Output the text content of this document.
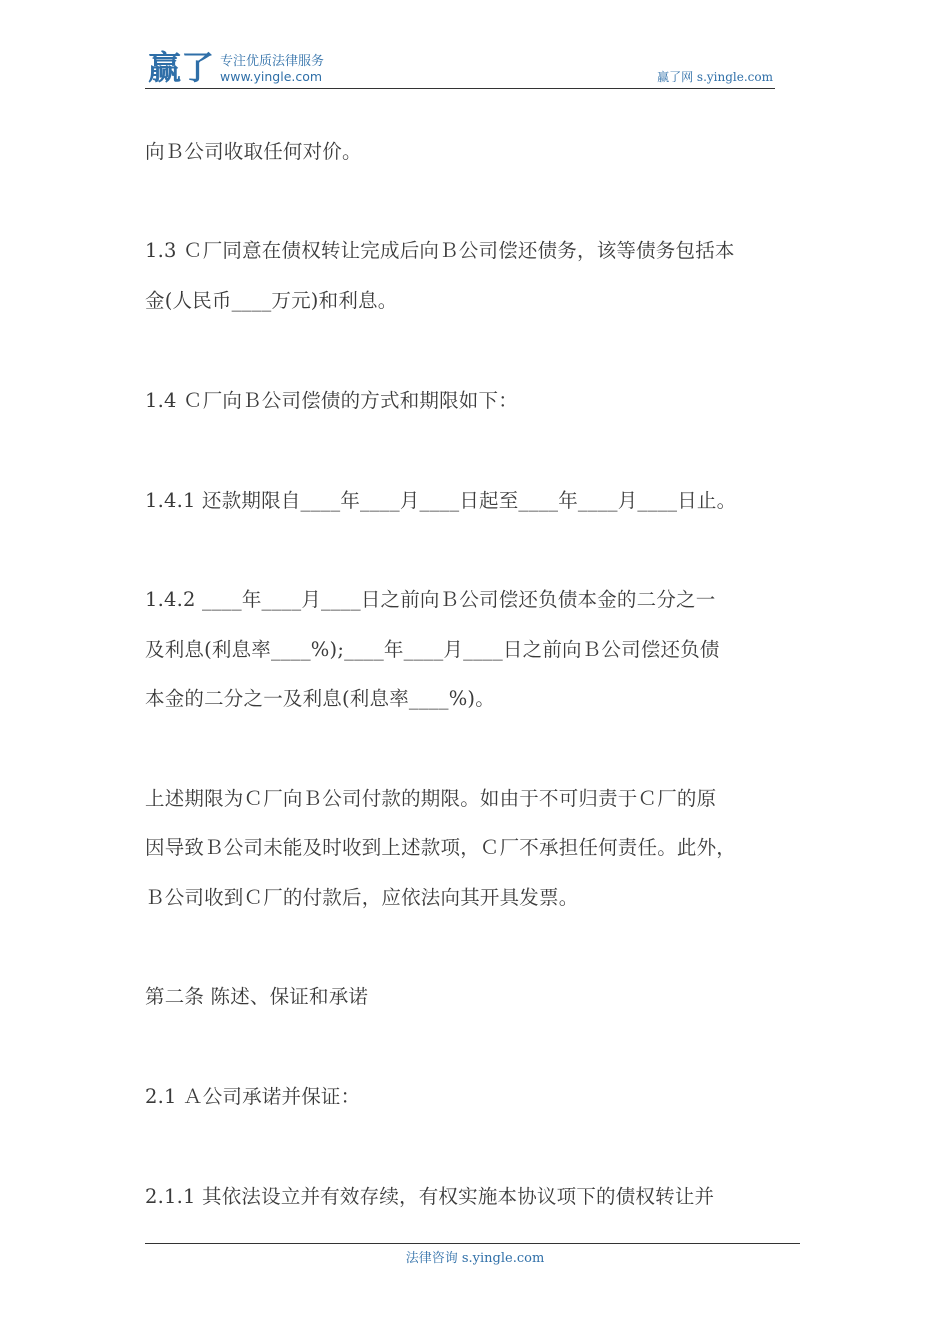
赢了 专注优质法律服务
www.yingle.com	赢了网 s.yingle.com
向Ｂ公司收取任何对价。
1.3 Ｃ厂同意在债权转让完成后向Ｂ公司偿还债务，该等债务包括本
金(人民币____万元)和利息。
1.4 Ｃ厂向Ｂ公司偿债的方式和期限如下：
1.4.1 还款期限自____年____月____日起至____年____月____日止。
1.4.2 ____年____月____日之前向Ｂ公司偿还负债本金的二分之一
及利息(利息率____%);____年____月____日之前向Ｂ公司偿还负债
本金的二分之一及利息(利息率____%)。
上述期限为Ｃ厂向Ｂ公司付款的期限。如由于不可归责于Ｃ厂的原
因导致Ｂ公司未能及时收到上述款项，Ｃ厂不承担任何责任。此外，
Ｂ公司收到Ｃ厂的付款后，应依法向其开具发票。
第二条 陈述、保证和承诺
2.1 Ａ公司承诺并保证：
2.1.1 其依法设立并有效存续，有权实施本协议项下的债权转让并
法律咨询 s.yingle.com
